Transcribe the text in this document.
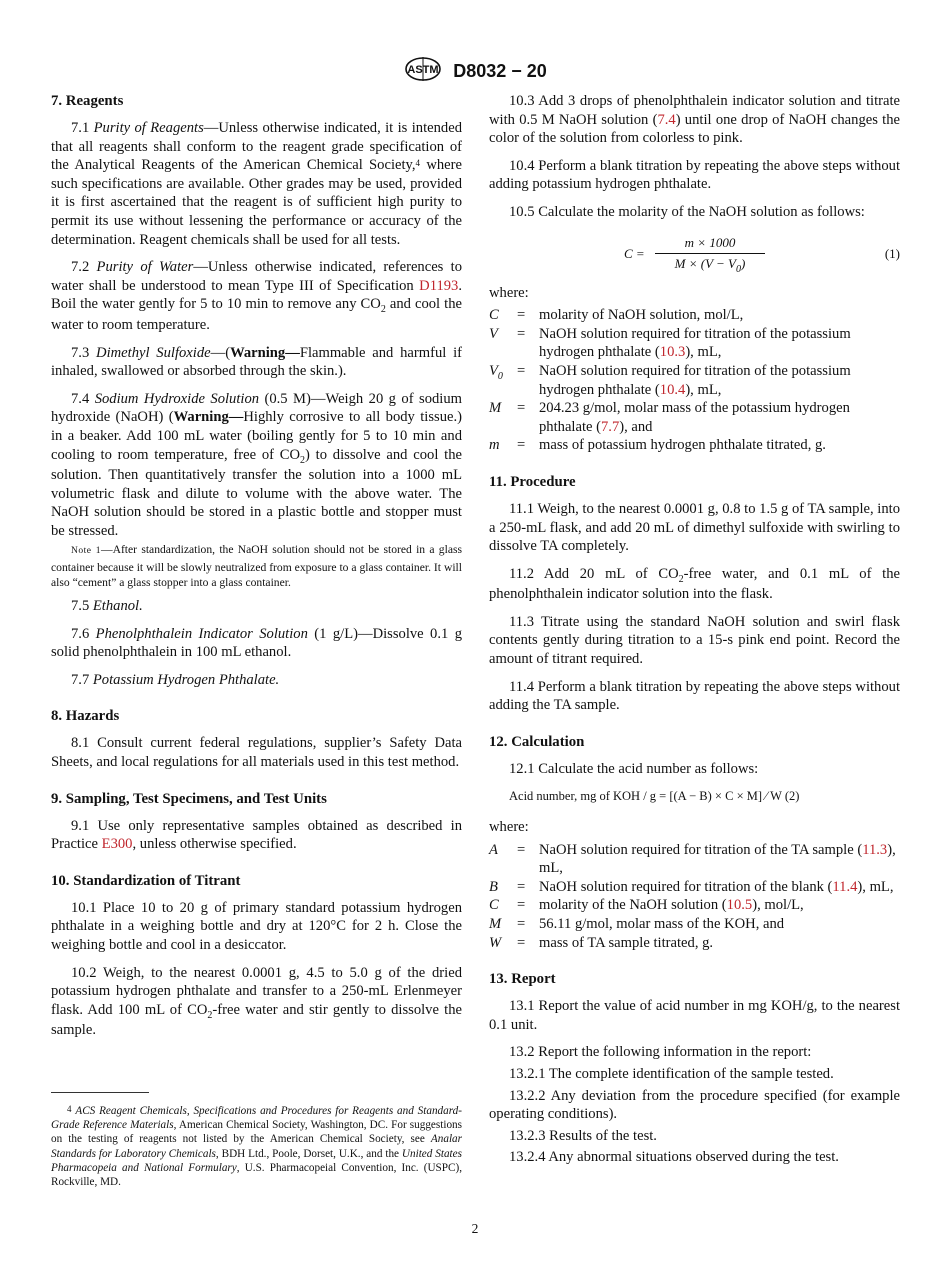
ASTM D8032 − 20
7. Reagents

7.1 Purity of Reagents—Unless otherwise indicated, it is intended that all reagents shall conform to the reagent grade specification of the Analytical Reagents of the American Chemical Society,$^4$ where such specifications are available. Other grades may be used, provided it is first ascertained that the reagent is of sufficient high purity to permit its use without lessening the performance or accuracy of the determination. Reagent chemicals shall be used for all tests.

7.2 Purity of Water—Unless otherwise indicated, references to water shall be understood to mean Type III of Specification D1193. Boil the water gently for 5 to 10 min to remove any $CO_2$ and cool the water to room temperature.

7.3 Dimethyl Sulfoxide—(Warning—Flammable and harmful if inhaled, swallowed or absorbed through the skin.).

7.4 Sodium Hydroxide Solution (0.5 M)—Weigh 20 g of sodium hydroxide (NaOH) (Warning—Highly corrosive to all body tissue.) in a beaker. Add 100 mL water (boiling gently for 5 to 10 min and cooling to room temperature, free of $CO_2$) to dissolve and cool the solution. Then quantitatively transfer the solution into a 1000 mL volumetric flask and dilute to volume with the above water. The NaOH solution should be stored in a plastic bottle and stopper must be stressed.

Note 1—After standardization, the NaOH solution should not be stored in a glass container because it will be slowly neutralized from exposure to a glass container. It will also “cement” a glass stopper into a glass container.

7.5 Ethanol.

7.6 Phenolphthalein Indicator Solution (1 g/L)—Dissolve 0.1 g solid phenolphthalein in 100 mL ethanol.

7.7 Potassium Hydrogen Phthalate.

8. Hazards

8.1 Consult current federal regulations, supplier’s Safety Data Sheets, and local regulations for all materials used in this test method.

9. Sampling, Test Specimens, and Test Units

9.1 Use only representative samples obtained as described in Practice E300, unless otherwise specified.

10. Standardization of Titrant

10.1 Place 10 to 20 g of primary standard potassium hydrogen phthalate in a weighing bottle and dry at 120°C for 2 h. Close the weighing bottle and cool in a desiccator.

10.2 Weigh, to the nearest 0.0001 g, 4.5 to 5.0 g of the dried potassium hydrogen phthalate and transfer to a 250-mL Erlenmeyer flask. Add 100 mL of $CO_2$-free water and stir gently to dissolve the sample.

$^4$ ACS Reagent Chemicals, Specifications and Procedures for Reagents and Standard-Grade Reference Materials, American Chemical Society, Washington, DC. For suggestions on the testing of reagents not listed by the American Chemical Society, see Analar Standards for Laboratory Chemicals, BDH Ltd., Poole, Dorset, U.K., and the United States Pharmacopeia and National Formulary, U.S. Pharmacopeial Convention, Inc. (USPC), Rockville, MD.

10.3 Add 3 drops of phenolphthalein indicator solution and titrate with 0.5 M NaOH solution (7.4) until one drop of NaOH changes the color of the solution from colorless to pink.

10.4 Perform a blank titration by repeating the above steps without adding potassium hydrogen phthalate.

10.5 Calculate the molarity of the NaOH solution as follows:

C =
m × 1000
$M \times (V - V_0)$
(1)
where:
C	= molarity of NaOH solution, mol/L,
V	= NaOH solution required for titration of the potassium hydrogen phthalate (10.3), mL,
$V_0$ = NaOH solution required for titration of the potassium hydrogen phthalate (10.4), mL,
M	= 204.23 g/mol, molar mass of the potassium hydrogen phthalate (7.7), and
m	= mass of potassium hydrogen phthalate titrated, g.
11. Procedure

11.1 Weigh, to the nearest 0.0001 g, 0.8 to 1.5 g of TA sample, into a 250-mL flask, and add 20 mL of dimethyl sulfoxide with swirling to dissolve TA completely.

11.2 Add 20 mL of $CO_2$-free water, and 0.1 mL of the phenolphthalein indicator solution into the flask.

11.3 Titrate using the standard NaOH solution and swirl flask contents gently during titration to a 15-s pink end point. Record the amount of titrant required.

11.4 Perform a blank titration by repeating the above steps without adding the TA sample.

12. Calculation

12.1 Calculate the acid number as follows:

Acid number, mg of KOH / g = [(A − B) × C × M] ⁄ W (2)
where:
A	= NaOH solution required for titration of the TA sample (11.3), mL,
B	= NaOH solution required for titration of the blank (11.4), mL,
C	= molarity of the NaOH solution (10.5), mol/L,
M	= 56.11 g/mol, molar mass of the KOH, and
W	= mass of TA sample titrated, g.
13. Report

13.1 Report the value of acid number in mg KOH/g, to the nearest 0.1 unit.

13.2 Report the following information in the report:

13.2.1 The complete identification of the sample tested.

13.2.2 Any deviation from the procedure specified (for example operating conditions).

13.2.3 Results of the test.

13.2.4 Any abnormal situations observed during the test.

2
